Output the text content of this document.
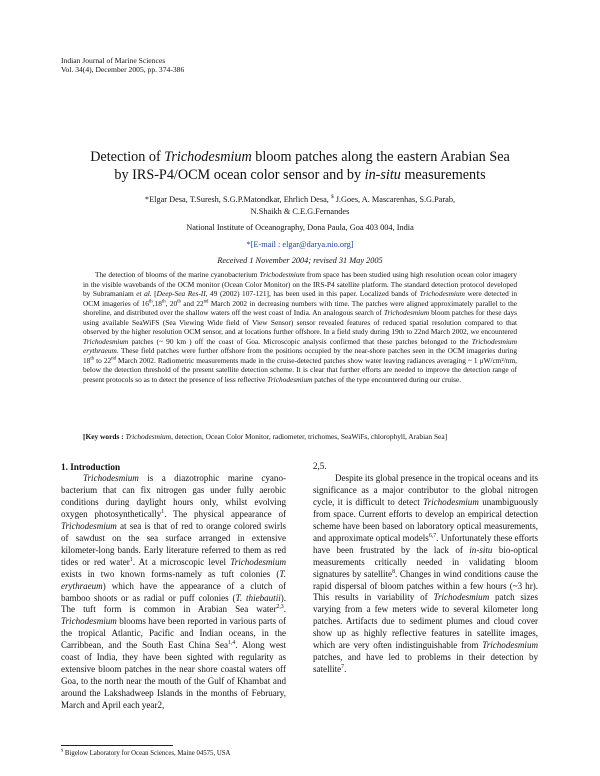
Indian Journal of Marine Sciences
Vol. 34(4), December 2005, pp. 374-386
Detection of Trichodesmium bloom patches along the eastern Arabian Sea
by IRS-P4/OCM ocean color sensor and by in-situ measurements
*Elgar Desa, T.Suresh, S.G.P.Matondkar, Ehrlich Desa, $ J.Goes, A. Mascarenhas, S.G.Parab,
N.Shaikh & C.E.G.Fernandes
National Institute of Oceanography, Dona Paula, Goa 403 004, India
*[E-mail : elgar@darya.nio.org]
Received 1 November 2004; revised 31 May 2005
The detection of blooms of the marine cyanobacterium Trichodesmium from space has been studied using high resolution ocean color imagery in the visible wavebands of the OCM monitor (Ocean Color Monitor) on the IRS-P4 satellite platform. The standard detection protocol developed by Subramaniam et al. [Deep-Sea Res-II, 49 (2002) 107-121], has been used in this paper. Localized bands of Trichodesmium were detected in OCM imageries of 16th,18th, 20th and 22nd March 2002 in decreasing numbers with time. The patches were aligned approximately parallel to the shoreline, and distributed over the shallow waters off the west coast of India. An analogous search of Trichodesmium bloom patches for these days using available SeaWiFS (Sea Viewing Wide field of View Sensor) sensor revealed features of reduced spatial resolution compared to that observed by the higher resolution OCM sensor, and at locations further offshore. In a field study during 19th to 22nd March 2002, we encountered Trichodesmium patches (~ 90 km ) off the coast of Goa. Microscopic analysis confirmed that these patches belonged to the Trichodesmium erythraeum. These field patches were further offshore from the positions occupied by the near-shore patches seen in the OCM imageries during 18th to 22nd March 2002. Radiometric measurements made in the cruise-detected patches show water leaving radiances averaging ~ 1 μW/cm²/nm, below the detection threshold of the present satellite detection scheme. It is clear that further efforts are needed to improve the detection range of present protocols so as to detect the presence of less reflective Trichodesmium patches of the type encountered during our cruise.
[Key words : Trichodesmium, detection, Ocean Color Monitor, radiometer, trichomes, SeaWiFs, chlorophyll, Arabian Sea]
1. Introduction

Trichodesmium is a diazotrophic marine cyano-bacterium that can fix nitrogen gas under fully aerobic conditions during daylight hours only, whilst evolving oxygen photosynthetically$^1$. The physical appearance of Trichodesmium at sea is that of red to orange colored swirls of sawdust on the sea surface arranged in extensive kilometer-long bands. Early literature referred to them as red tides or red water$^1$. At a microscopic level Trichodesmium exists in two known forms-namely as tuft colonies (T. erythraeum) which have the appearance of a clutch of bamboo shoots or as radial or puff colonies (T. thiebautii). The tuft form is common in Arabian Sea water$^{2,3}$. Trichodesmium blooms have been reported in various parts of the tropical Atlantic, Pacific and Indian oceans, in the Carribbean, and the South East China Sea$^{1,4}$. Along west coast of India, they have been sighted with regularity as extensive bloom patches in the near shore coastal waters off Goa, to the north near the mouth of the Gulf of Khambat and around the Lakshadweep Islands in the months of February, March and April each year2,

2,5.

Despite its global presence in the tropical oceans and its significance as a major contributor to the global nitrogen cycle, it is difficult to detect Trichodesmium unambiguously from space. Current efforts to develop an empirical detection scheme have been based on laboratory optical measurements, and approximate optical models$^{6,7}$. Unfortunately these efforts have been frustrated by the lack of in-situ bio-optical measurements critically needed in validating bloom signatures by satellite$^8$. Changes in wind conditions cause the rapid dispersal of bloom patches within a few hours (~3 hr). This results in variability of Trichodesmium patch sizes varying from a few meters wide to several kilometer long patches. Artifacts due to sediment plumes and cloud cover show up as highly reflective features in satellite images, which are very often indistinguishable from Trichodesmium patches, and have led to problems in their detection by satellite$^7$.

$ Bigelow Laboratory for Ocean Sciences, Maine 04575, USA
